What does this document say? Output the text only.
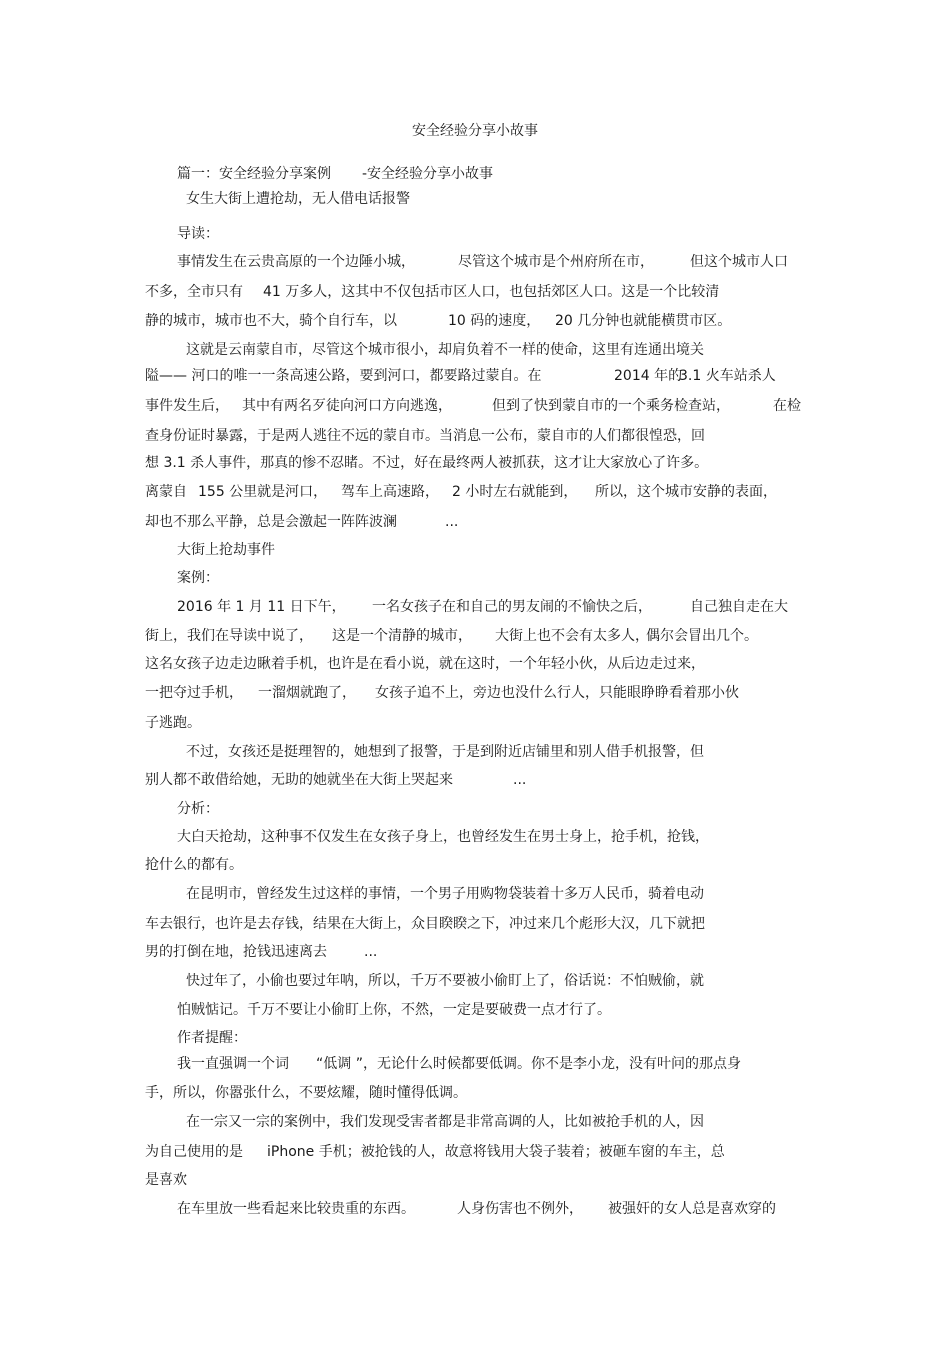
安全经验分享小故事
篇一：安全经验分享案例 -安全经验分享小故事
女生大街上遭抢劫，无人借电话报警
导读：
事情发生在云贵高原的一个边陲小城，	尽管这个城市是个州府所在市，	但这个城市人口
不多，全市只有 41 万多人，这其中不仅包括市区人口，也包括郊区人口。这是一个比较清
静的城市，城市也不大，骑个自行车，以	10 码的速度， 20 几分钟也就能横贯市区。
这就是云南蒙自市，尽管这个城市很小，却肩负着不一样的使命，这里有连通出境关
隘—— 河口的唯一一条高速公路，要到河口，都要路过蒙自。在	2014 年的
3.1 火车站杀人
事件发生后， 其中有两名歹徒向河口方向逃逸，	但到了快到蒙自市的一个乘务检查站，	在检
查身份证时暴露，于是两人逃往不远的蒙自市。当消息一公布，蒙自市的人们都很惶恐，回
想 3.1 杀人事件，那真的惨不忍睹。不过，好在最终两人被抓获，这才让大家放心了许多。
离蒙自 155 公里就是河口， 驾车上高速路， 2 小时左右就能到， 所以，这个城市安静的表面，
却也不那么平静，总是会激起一阵阵波澜	...
大街上抢劫事件
案例：
2016 年 1 月 11 日下午， 一名女孩子在和自己的男友闹的不愉快之后，	自己独自走在大
街上，我们在导读中说了， 这是一个清静的城市， 大街上也不会有太多人，
偶尔会冒出几个。
这名女孩子边走边瞅着手机，也许是在看小说，就在这时，一个年轻小伙，从后边走过来，
一把夺过手机， 一溜烟就跑了， 女孩子追不上，旁边也没什么行人，只能眼睁睁看着那小伙
子逃跑。
不过，女孩还是挺理智的，她想到了报警，于是到附近店铺里和别人借手机报警，但
别人都不敢借给她，无助的她就坐在大街上哭起来	...
分析：
大白天抢劫，这种事不仅发生在女孩子身上，也曾经发生在男士身上，抢手机，抢钱，
抢什么的都有。
在昆明市，曾经发生过这样的事情，一个男子用购物袋装着十多万人民币，骑着电动
车去银行，也许是去存钱，结果在大街上，众目睽睽之下，冲过来几个彪形大汉，几下就把
男的打倒在地，抢钱迅速离去	...
快过年了，小偷也要过年呐，所以，千万不要被小偷盯上了，俗话说：不怕贼偷，就
怕贼惦记。千万不要让小偷盯上你，不然，一定是要破费一点才行了。
作者提醒：
我一直强调一个词 “低调 ”，无论什么时候都要低调。你不是李小龙，没有叶问的那点身
手，所以，你嚣张什么，不要炫耀，随时懂得低调。
在一宗又一宗的案例中，我们发现受害者都是非常高调的人，比如被抢手机的人，因
为自己使用的是 iPhone 手机；被抢钱的人，故意将钱用大袋子装着；被砸车窗的车主，总
是喜欢
在车里放一些看起来比较贵重的东西。	人身伤害也不例外， 被强奸的女人总是喜欢穿的
